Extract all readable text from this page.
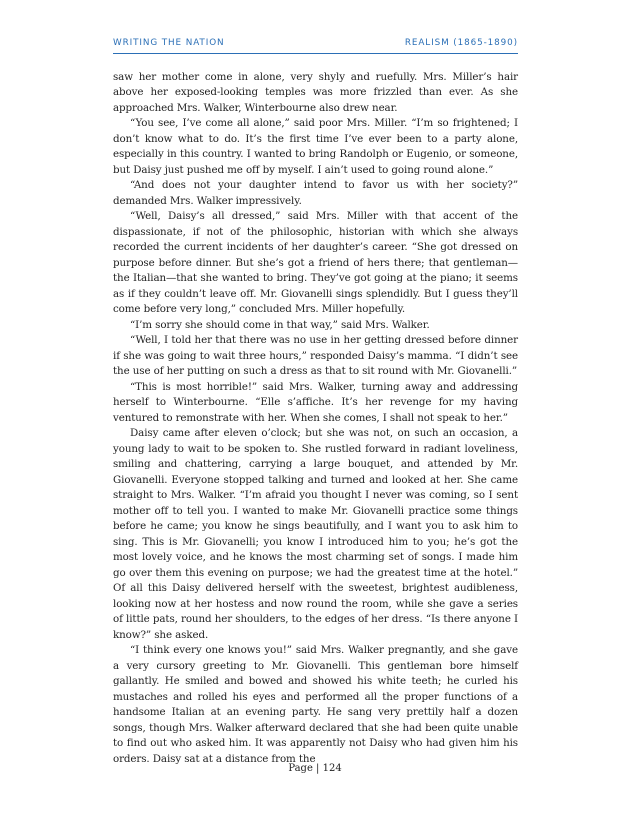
WRITING THE NATION	REALISM (1865-1890)

saw her mother come in alone, very shyly and ruefully. Mrs. Miller’s hair above her exposed-looking temples was more frizzled than ever. As she approached Mrs. Walker, Winterbourne also drew near.

“You see, I’ve come all alone,” said poor Mrs. Miller. “I’m so frightened; I don’t know what to do. It’s the first time I’ve ever been to a party alone, especially in this country. I wanted to bring Randolph or Eugenio, or someone, but Daisy just pushed me off by myself. I ain’t used to going round alone.”

“And does not your daughter intend to favor us with her society?” demanded Mrs. Walker impressively.

“Well, Daisy’s all dressed,” said Mrs. Miller with that accent of the dispassionate, if not of the philosophic, historian with which she always recorded the current incidents of her daughter’s career. “She got dressed on purpose before dinner. But she’s got a friend of hers there; that gentleman—the Italian—that she wanted to bring. They’ve got going at the piano; it seems as if they couldn’t leave off. Mr. Giovanelli sings splendidly. But I guess they’ll come before very long,” concluded Mrs. Miller hopefully.

“I’m sorry she should come in that way,” said Mrs. Walker.

“Well, I told her that there was no use in her getting dressed before dinner if she was going to wait three hours,” responded Daisy’s mamma. “I didn’t see the use of her putting on such a dress as that to sit round with Mr. Giovanelli.”

“This is most horrible!” said Mrs. Walker, turning away and addressing herself to Winterbourne. “Elle s’affiche. It’s her revenge for my having ventured to remonstrate with her. When she comes, I shall not speak to her.”

Daisy came after eleven o’clock; but she was not, on such an occasion, a young lady to wait to be spoken to. She rustled forward in radiant loveliness, smiling and chattering, carrying a large bouquet, and attended by Mr. Giovanelli. Everyone stopped talking and turned and looked at her. She came straight to Mrs. Walker. “I’m afraid you thought I never was coming, so I sent mother off to tell you. I wanted to make Mr. Giovanelli practice some things before he came; you know he sings beautifully, and I want you to ask him to sing. This is Mr. Giovanelli; you know I introduced him to you; he’s got the most lovely voice, and he knows the most charming set of songs. I made him go over them this evening on purpose; we had the greatest time at the hotel.” Of all this Daisy delivered herself with the sweetest, brightest audibleness, looking now at her hostess and now round the room, while she gave a series of little pats, round her shoulders, to the edges of her dress. “Is there anyone I know?” she asked.

“I think every one knows you!” said Mrs. Walker pregnantly, and she gave a very cursory greeting to Mr. Giovanelli. This gentleman bore himself gallantly. He smiled and bowed and showed his white teeth; he curled his mustaches and rolled his eyes and performed all the proper functions of a handsome Italian at an evening party. He sang very prettily half a dozen songs, though Mrs. Walker afterward declared that she had been quite unable to find out who asked him. It was apparently not Daisy who had given him his orders. Daisy sat at a distance from the

Page | 124
